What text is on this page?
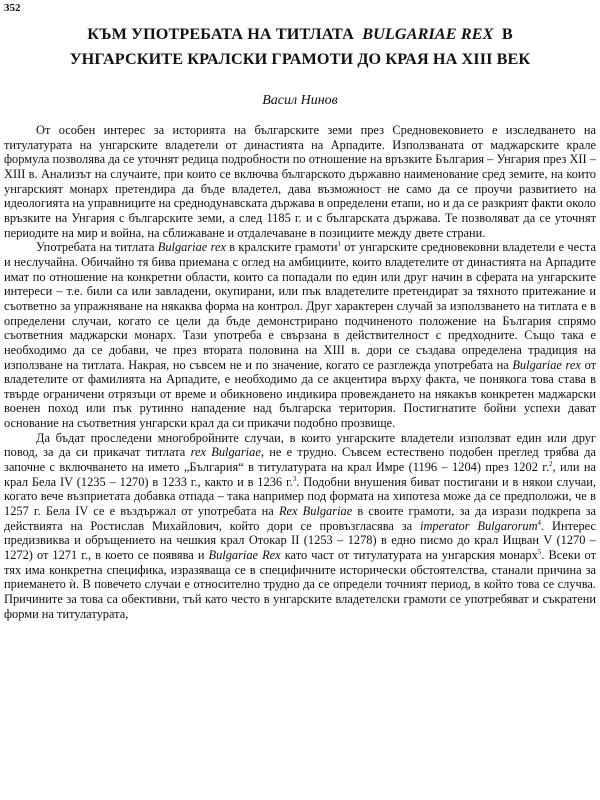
352
КЪМ УПОТРЕБАТА НА ТИТЛАТА BULGARIAE REX В
УНГАРСКИТЕ КРАЛСКИ ГРАМОТИ ДО КРАЯ НА XIII ВЕК
Васил Нинов

От особен интерес за историята на българските земи през Средновековието е изследването на титулатурата на унгарските владетели от династията на Арпадите. Използваната от маджарските крале формула позволява да се уточнят редица подробности по отношение на връзките България – Унгария през XII – XIII в. Анализът на случаите, при които се включва българското държавно наименование сред земите, на които унгарският монарх претендира да бъде владетел, дава възможност не само да се проучи развитието на идеологията на управниците на среднодунавската държава в определени етапи, но и да се разкрият факти около връзките на Унгария с българските земи, а след 1185 г. и с българската държава. Те позволяват да се уточнят периодите на мир и война, на сближаване и отдалечаване в позициите между двете страни.

Употребата на титлата Bulgariae rex в кралските грамоти$^1$ от унгарските средновековни владетели е честа и неслучайна. Обичайно тя бива приемана с оглед на амбициите, които владетелите от династията на Арпадите имат по отношение на конкретни области, които са попадали по един или друг начин в сферата на унгарските интереси – т.е. били са или завладени, окупирани, или пък владетелите претендират за тяхното притежание и съответно за упражняване на някаква форма на контрол. Друг характерен случай за използването на титлата е в определени случаи, когато се цели да бъде демонстрирано подчиненото положение на България спрямо съответния маджарски монарх. Тази употреба е свързана в действителност с предходните. Също така е необходимо да се добави, че през втората половина на XIII в. дори се създава определена традиция на използване на титлата. Накрая, но съвсем не и по значение, когато се разглежда употребата на Bulgariae rex от владетелите от фамилията на Арпадите, е необходимо да се акцентира върху факта, че понякога това става в твърде ограничени отрязъци от време и обикновено индикира провеждането на някакъв конкретен маджарски военен поход или пък рутинно нападение над българска територия. Постигнатите бойни успехи дават основание на съответния унгарски крал да си прикачи подобно прозвище.

Да бъдат проследени многобройните случаи, в които унгарските владетели използват един или друг повод, за да си прикачат титлата rex Bulgariae, не е трудно. Съвсем естествено подобен преглед трябва да започне с включването на името „България“ в титулатурата на крал Имре (1196 – 1204) през 1202 г.$^2$, или на крал Бела IV (1235 – 1270) в 1233 г., както и в 1236 г.$^3$. Подобни внушения биват постигани и в някои случаи, когато вече възприетата добавка отпада – така например под формата на хипотеза може да се предположи, че в 1257 г. Бела IV се е въздържал от употребата на Rex Bulgariae в своите грамоти, за да изрази подкрепа за действията на Ростислав Михайлович, който дори се провъзгласява за imperator Bulgarorum$^4$. Интерес предизвиква и обръщението на чешкия крал Отокар II (1253 – 1278) в едно писмо до крал Ищван V (1270 – 1272) от 1271 г., в което се появява и Bulgariae Rex като част от титулатурата на унгарския монарх$^5$. Всеки от тях има конкретна специфика, изразяваща се в специфичните исторически обстоятелства, станали причина за приемането ѝ. В повечето случаи е относително трудно да се определи точният период, в който това се случва. Причините за това са обективни, тъй като често в унгарските владетелски грамоти се употребяват и съкратени форми на титулатурата,
